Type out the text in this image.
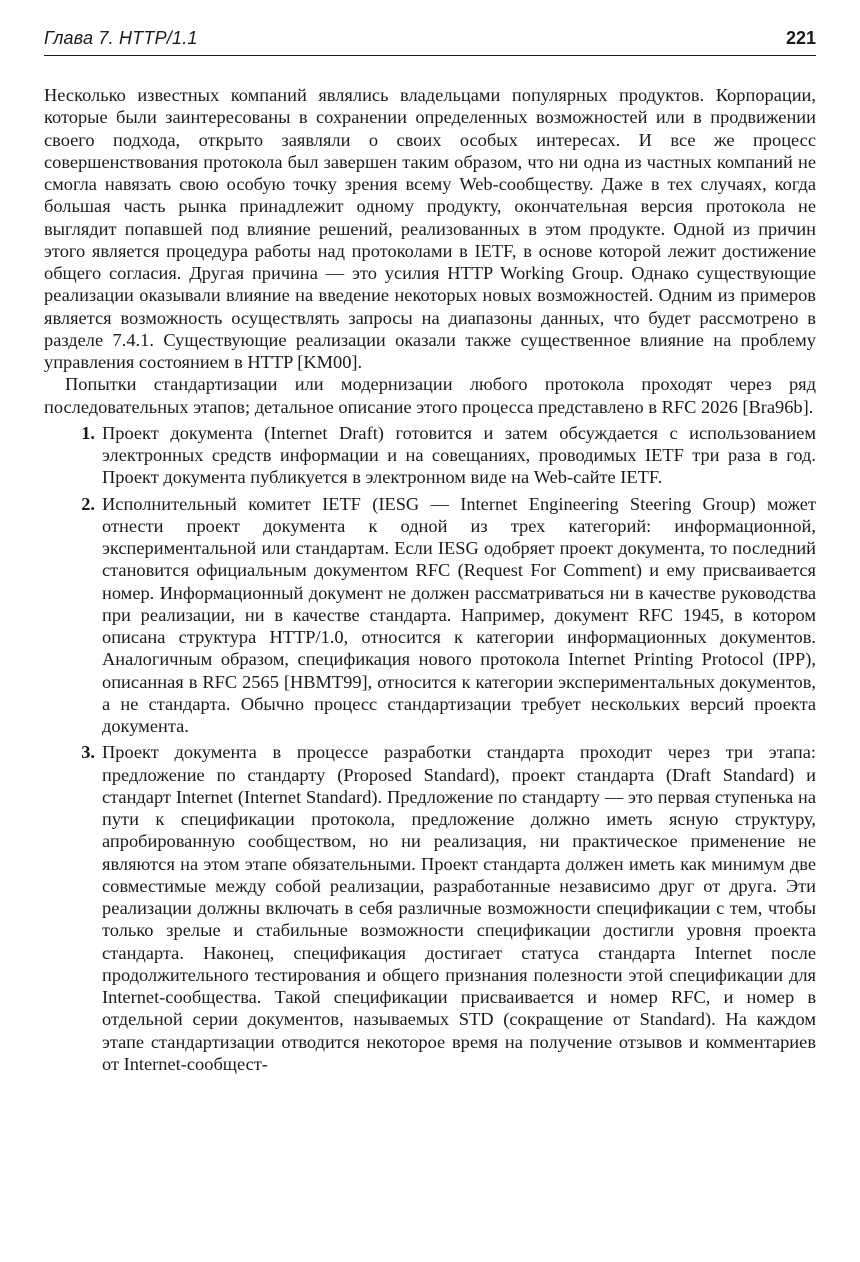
Глава 7. HTTP/1.1	221

Несколько известных компаний являлись владельцами популярных продуктов. Корпорации, которые были заинтересованы в сохранении определенных возможностей или в продвижении своего подхода, открыто заявляли о своих особых интересах. И все же процесс совершенствования протокола был завершен таким образом, что ни одна из частных компаний не смогла навязать свою особую точку зрения всему Web-сообществу. Даже в тех случаях, когда большая часть рынка принадлежит одному продукту, окончательная версия протокола не выглядит попавшей под влияние решений, реализованных в этом продукте. Одной из причин этого является процедура работы над протоколами в IETF, в основе которой лежит достижение общего согласия. Другая причина — это усилия HTTP Working Group. Однако существующие реализации оказывали влияние на введение некоторых новых возможностей. Одним из примеров является возможность осуществлять запросы на диапазоны данных, что будет рассмотрено в разделе 7.4.1. Существующие реализации оказали также существенное влияние на проблему управления состоянием в HTTP [KM00].

Попытки стандартизации или модернизации любого протокола проходят через ряд последовательных этапов; детальное описание этого процесса представлено в RFC 2026 [Bra96b].

1. Проект документа (Internet Draft) готовится и затем обсуждается с использованием электронных средств информации и на совещаниях, проводимых IETF три раза в год. Проект документа публикуется в электронном виде на Web-сайте IETF.
2. Исполнительный комитет IETF (IESG — Internet Engineering Steering Group) может отнести проект документа к одной из трех категорий: информационной, экспериментальной или стандартам. Если IESG одобряет проект документа, то последний становится официальным документом RFC (Request For Comment) и ему присваивается номер. Информационный документ не должен рассматриваться ни в качестве руководства при реализации, ни в качестве стандарта. Например, документ RFC 1945, в котором описана структура HTTP/1.0, относится к категории информационных документов. Аналогичным образом, спецификация нового протокола Internet Printing Protocol (IPP), описанная в RFC 2565 [HBMT99], относится к категории экспериментальных документов, а не стандарта. Обычно процесс стандартизации требует нескольких версий проекта документа.
3. Проект документа в процессе разработки стандарта проходит через три этапа: предложение по стандарту (Proposed Standard), проект стандарта (Draft Standard) и стандарт Internet (Internet Standard). Предложение по стандарту — это первая ступенька на пути к спецификации протокола, предложение должно иметь ясную структуру, апробированную сообществом, но ни реализация, ни практическое применение не являются на этом этапе обязательными. Проект стандарта должен иметь как минимум две совместимые между собой реализации, разработанные независимо друг от друга. Эти реализации должны включать в себя различные возможности спецификации с тем, чтобы только зрелые и стабильные возможности спецификации достигли уровня проекта стандарта. Наконец, спецификация достигает статуса стандарта Internet после продолжительного тестирования и общего признания полезности этой спецификации для Internet-сообщества. Такой спецификации присваивается и номер RFC, и номер в отдельной серии документов, называемых STD (сокращение от Standard). На каждом этапе стандартизации отводится некоторое время на получение отзывов и комментариев от Internet-сообщест-
